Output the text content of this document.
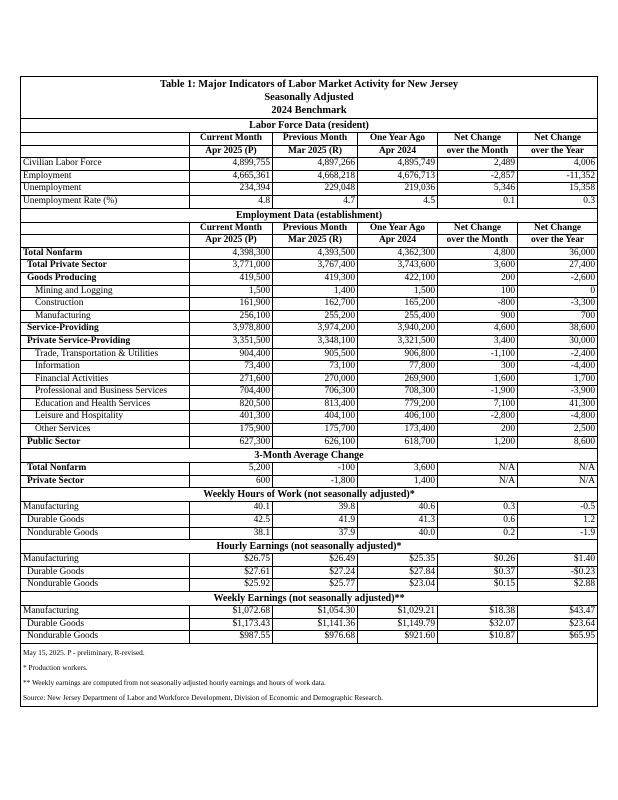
Table 1: Major Indicators of Labor Market Activity for New Jersey
Seasonally Adjusted
2024 Benchmark					

Labor Force Data (resident)					
	Current Month	Previous Month	One Year Ago	Net Change	Net Change
	Apr 2025 (P)	Mar 2025 (R)	Apr 2024	over the Month	over the Year
Civilian Labor Force	4,899,755	4,897,266	4,895,749	2,489	4,006
Employment	4,665,361	4,668,218	4,676,713	-2,857	-11,352
Unemployment	234,394	229,048	219,036	5,346	15,358
Unemployment Rate (%)	4.8	4.7	4.5	0.1	0.3
Employment Data (establishment)					
	Current Month	Previous Month	One Year Ago	Net Change	Net Change
	Apr 2025 (P)	Mar 2025 (R)	Apr 2024	over the Month	over the Year
Total Nonfarm	4,398,300	4,393,500	4,362,300	4,800	36,000
Total Private Sector	3,771,000	3,767,400	3,743,600	3,600	27,400
Goods Producing	419,500	419,300	422,100	200	-2,600
Mining and Logging	1,500	1,400	1,500	100	0
Construction	161,900	162,700	165,200	-800	-3,300
Manufacturing	256,100	255,200	255,400	900	700
Service-Providing	3,978,800	3,974,200	3,940,200	4,600	38,600
Private Service-Providing	3,351,500	3,348,100	3,321,500	3,400	30,000
Trade, Transportation & Utilities	904,400	905,500	906,800	-1,100	-2,400
Information	73,400	73,100	77,800	300	-4,400
Financial Activities	271,600	270,000	269,900	1,600	1,700
Professional and Business Services	704,400	706,300	708,300	-1,900	-3,900
Education and Health Services	820,500	813,400	779,200	7,100	41,300
Leisure and Hospitality	401,300	404,100	406,100	-2,800	-4,800
Other Services	175,900	175,700	173,400	200	2,500
Public Sector	627,300	626,100	618,700	1,200	8,600
3-Month Average Change					
Total Nonfarm	5,200	-100	3,600	N/A	N/A
Private Sector	600	-1,800	1,400	N/A	N/A
Weekly Hours of Work (not seasonally adjusted)*					
Manufacturing	40.1	39.8	40.6	0.3	-0.5
Durable Goods	42.5	41.9	41.3	0.6	1.2
Nondurable Goods	38.1	37.9	40.0	0.2	-1.9
Hourly Earnings (not seasonally adjusted)*					
Manufacturing	$26.75	$26.49	$25.35	$0.26	$1.40
Durable Goods	$27.61	$27.24	$27.84	$0.37	-$0.23
Nondurable Goods	$25.92	$25.77	$23.04	$0.15	$2.88
Weekly Earnings (not seasonally adjusted)**					
Manufacturing	$1,072.68	$1,054.30	$1,029.21	$18.38	$43.47
Durable Goods	$1,173.43	$1,141.36	$1,149.79	$32.07	$23.64
Nondurable Goods	$987.55	$976.68	$921.60	$10.87	$65.95

May 15, 2025. P - preliminary, R-revised.
* Production workers.
** Weekly earnings are computed from not seasonally adjusted hourly earnings and hours of work data.
Source: New Jersey Department of Labor and Workforce Development, Division of Economic and Demographic Research.					
